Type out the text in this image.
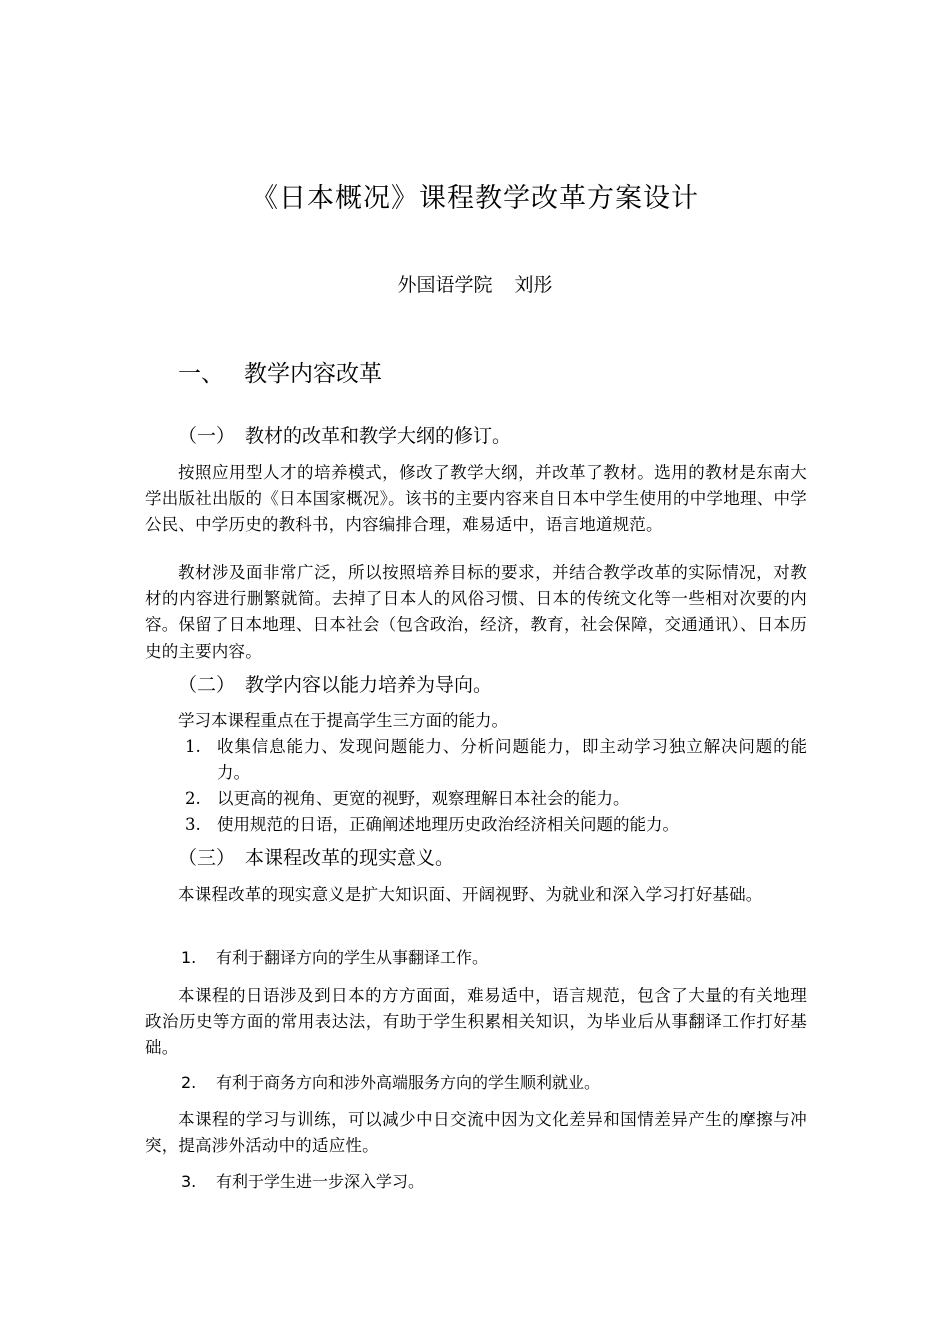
《日本概况》课程教学改革方案设计
外国语学院 刘彤
一、 教学内容改革
（一） 教材的改革和教学大纲的修订。
按照应用型人才的培养模式，修改了教学大纲，并改革了教材。选用的教材是东南大学出版社出版的《日本国家概况》。该书的主要内容来自日本中学生使用的中学地理、中学公民、中学历史的教科书，内容编排合理，难易适中，语言地道规范。
教材涉及面非常广泛，所以按照培养目标的要求，并结合教学改革的实际情况，对教材的内容进行删繁就简。去掉了日本人的风俗习惯、日本的传统文化等一些相对次要的内容。保留了日本地理、日本社会（包含政治，经济，教育，社会保障，交通通讯）、日本历史的主要内容。
（二） 教学内容以能力培养为导向。
学习本课程重点在于提高学生三方面的能力。
1. 收集信息能力、发现问题能力、分析问题能力，即主动学习独立解决问题的能力。
2. 以更高的视角、更宽的视野，观察理解日本社会的能力。
3. 使用规范的日语，正确阐述地理历史政治经济相关问题的能力。
（三） 本课程改革的现实意义。
本课程改革的现实意义是扩大知识面、开阔视野、为就业和深入学习打好基础。
1. 有利于翻译方向的学生从事翻译工作。
本课程的日语涉及到日本的方方面面，难易适中，语言规范，包含了大量的有关地理政治历史等方面的常用表达法，有助于学生积累相关知识，为毕业后从事翻译工作打好基础。
2. 有利于商务方向和涉外高端服务方向的学生顺利就业。
本课程的学习与训练，可以减少中日交流中因为文化差异和国情差异产生的摩擦与冲突，提高涉外活动中的适应性。
3. 有利于学生进一步深入学习。
